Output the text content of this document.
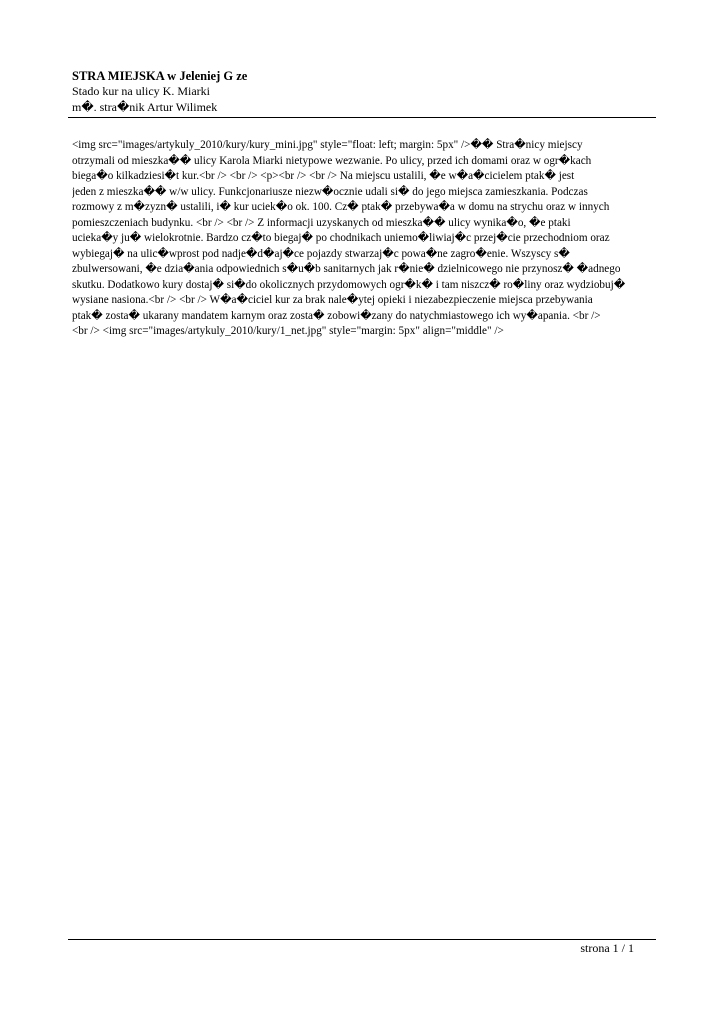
STRA MIEJSKA w Jeleniej G ze
Stado kur na ulicy K. Miarki
m�. stra�nik Artur Wilimek
<img src="images/artykuly_2010/kury/kury_mini.jpg" style="float: left; margin: 5px" />�� Stra�nicy miejscy
otrzymali od mieszka�� ulicy Karola Miarki nietypowe wezwanie. Po ulicy, przed ich domami oraz w ogr�kach
biega�o kilkadziesi�t kur.<br /> <br /> <p><br /> <br /> Na miejscu ustalili, �e w�a�cicielem ptak� jest
jeden z mieszka�� w/w ulicy. Funkcjonariusze niezw�ocznie udali si� do jego miejsca zamieszkania. Podczas
rozmowy z m�zyzn� ustalili, i� kur uciek�o ok. 100. Cz� ptak� przebywa�a w domu na strychu oraz w innych
pomieszczeniach budynku. <br /> <br /> Z informacji uzyskanych od mieszka�� ulicy wynika�o, �e ptaki
ucieka�y ju� wielokrotnie. Bardzo cz�to biegaj� po chodnikach uniemo�liwiaj�c przej�cie przechodniom oraz
wybiegaj� na ulic�wprost pod nadje�d�aj�ce pojazdy stwarzaj�c powa�ne zagro�enie. Wszyscy s�
zbulwersowani, �e dzia�ania odpowiednich s�u�b sanitarnych jak r�nie� dzielnicowego nie przynosz� �adnego
skutku. Dodatkowo kury dostaj� si�do okolicznych przydomowych ogr�k� i tam niszcz� ro�liny oraz wydziobuj�
wysiane nasiona.<br /> <br /> W�a�ciciel kur za brak nale�ytej opieki i niezabezpieczenie miejsca przebywania
ptak� zosta� ukarany mandatem karnym oraz zosta� zobowi�zany do natychmiastowego ich wy�apania. <br />
<br /> <img src="images/artykuly_2010/kury/1_net.jpg" style="margin: 5px" align="middle" />
strona 1 / 1
